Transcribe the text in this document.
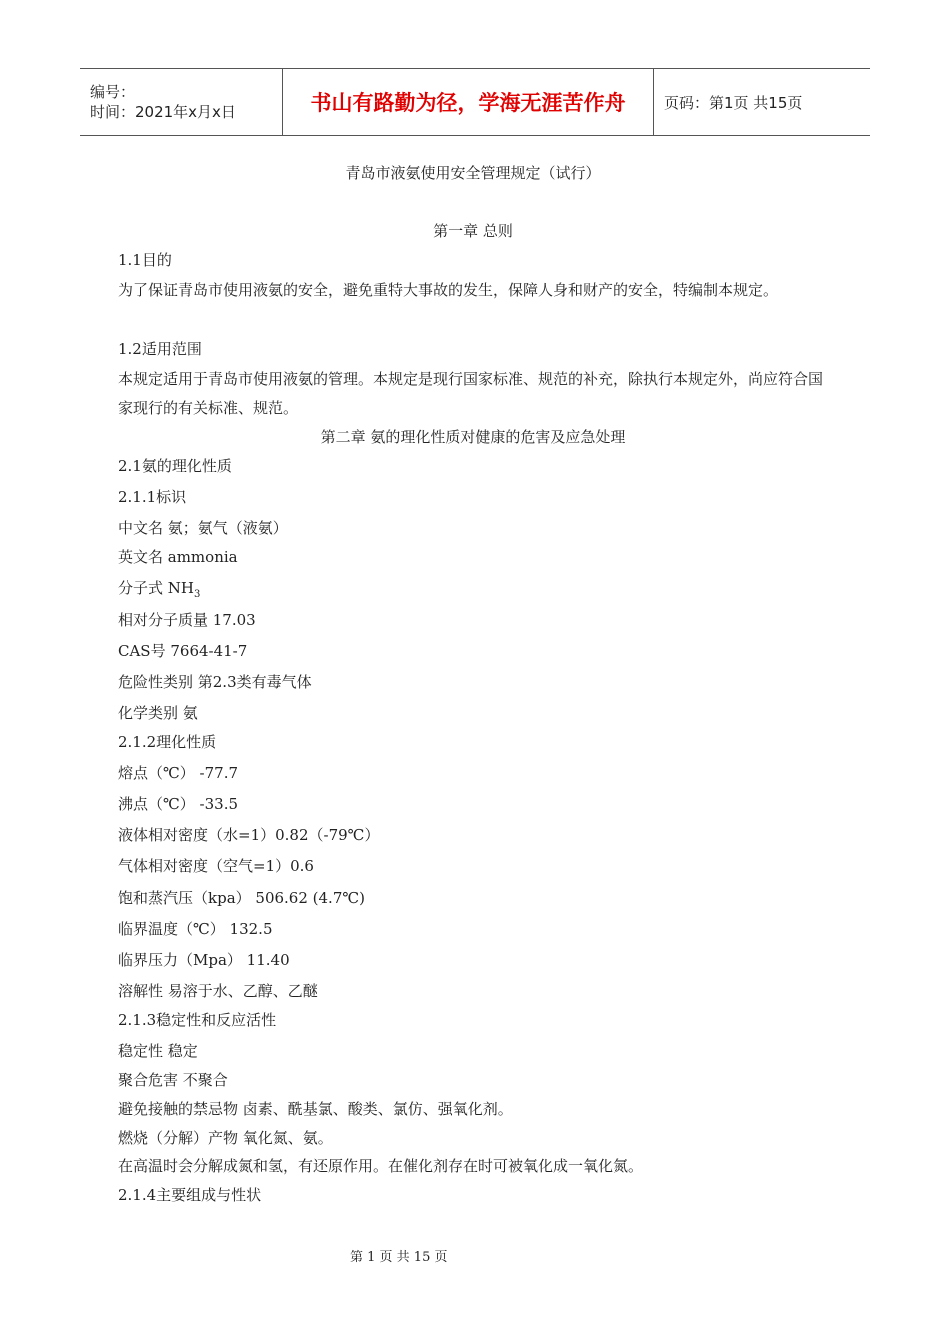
编号：
时间：2021年x月x日	书山有路勤为径，学海无涯苦作舟	页码：第1页 共15页
青岛市液氨使用安全管理规定（试行）
第一章 总则
1.1目的
为了保证青岛市使用液氨的安全，避免重特大事故的发生，保障人身和财产的安全，特编制本规定。
1.2适用范围
本规定适用于青岛市使用液氨的管理。本规定是现行国家标准、规范的补充，除执行本规定外，尚应符合国家现行的有关标准、规范。
第二章 氨的理化性质对健康的危害及应急处理
2.1氨的理化性质
2.1.1标识
中文名 氨；氨气（液氨）
英文名 ammonia
分子式 $NH_3$
相对分子质量 17.03
CAS号 7664-41-7
危险性类别 第2.3类有毒气体
化学类别 氨
2.1.2理化性质
熔点（℃） -77.7
沸点（℃） -33.5
液体相对密度（水=1）0.82（-79℃）
气体相对密度（空气=1）0.6
饱和蒸汽压（kpa） 506.62 (4.7℃)
临界温度（℃） 132.5
临界压力（Mpa） 11.40
溶解性 易溶于水、乙醇、乙醚
2.1.3稳定性和反应活性
稳定性 稳定
聚合危害 不聚合
避免接触的禁忌物 卤素、酰基氯、酸类、氯仿、强氧化剂。
燃烧（分解）产物 氧化氮、氨。
在高温时会分解成氮和氢，有还原作用。在催化剂存在时可被氧化成一氧化氮。
2.1.4主要组成与性状
第 1 页 共 15 页
